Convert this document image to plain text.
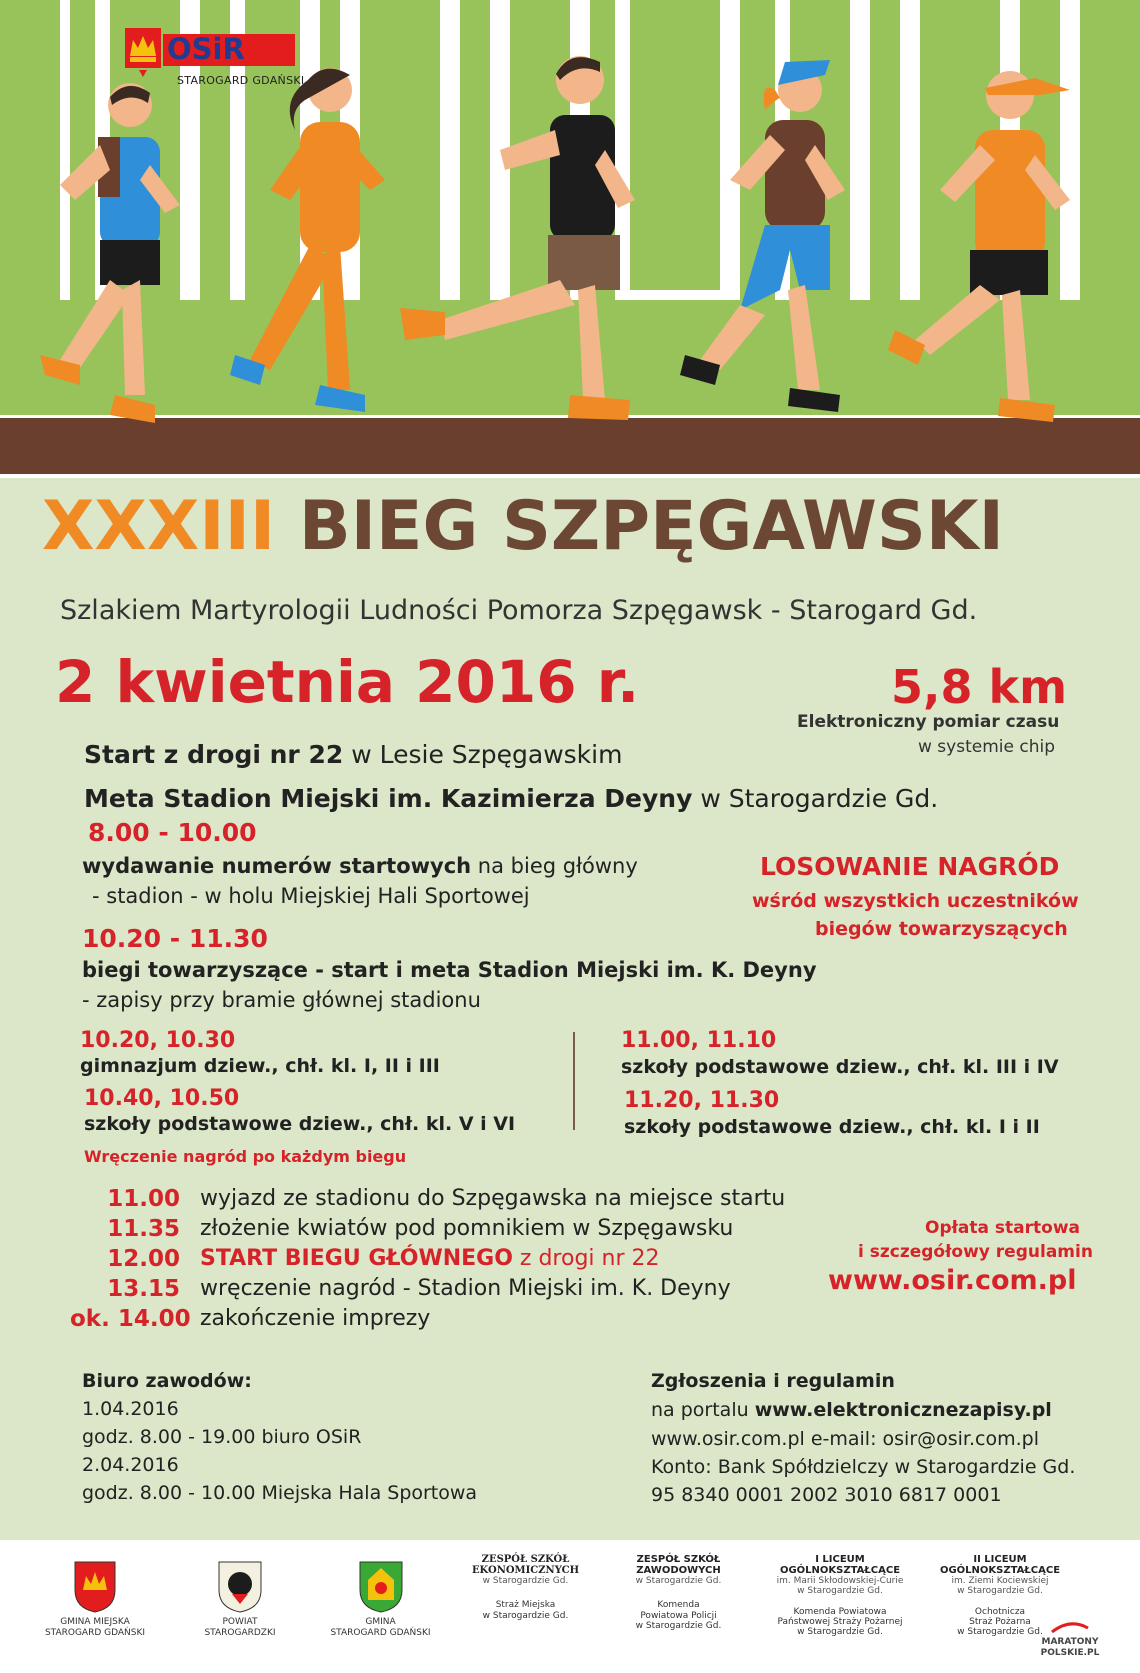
OSiR
STAROGARD GDAŃSKI
XXXIII BIEG SZPĘGAWSKI
Szlakiem Martyrologii Ludności Pomorza Szpęgawsk - Starogard Gd.
2 kwietnia 2016 r.	5,8 km
Elektroniczny pomiar czasu
w systemie chip
Start z drogi nr 22 w Lesie Szpęgawskim
Meta Stadion Miejski im. Kazimierza Deyny w Starogardzie Gd.
8.00 - 10.00
wydawanie numerów startowych na bieg główny
- stadion - w holu Miejskiej Hali Sportowej
LOSOWANIE NAGRÓD
wśród wszystkich uczestników
biegów towarzyszących
10.20 - 11.30
biegi towarzyszące - start i meta Stadion Miejski im. K. Deyny
- zapisy przy bramie głównej stadionu
10.20, 10.30
gimnazjum dziew., chł. kl. I, II i III
10.40, 10.50
szkoły podstawowe dziew., chł. kl. V i VI
11.00, 11.10
szkoły podstawowe dziew., chł. kl. III i IV
11.20, 11.30
szkoły podstawowe dziew., chł. kl. I i II
Wręczenie nagród po każdym biegu
11.00 wyjazd ze stadionu do Szpęgawska na miejsce startu
11.35 złożenie kwiatów pod pomnikiem w Szpęgawsku
12.00 START BIEGU GŁÓWNEGO z drogi nr 22
13.15 wręczenie nagród - Stadion Miejski im. K. Deyny
ok. 14.00 zakończenie imprezy
Opłata startowa
i szczegółowy regulamin
www.osir.com.pl
Biuro zawodów:
1.04.2016
godz. 8.00 - 19.00 biuro OSiR
2.04.2016
godz. 8.00 - 10.00 Miejska Hala Sportowa
Zgłoszenia i regulamin
na portalu www.elektronicznezapisy.pl
www.osir.com.pl e-mail: osir@osir.com.pl
Konto: Bank Spółdzielczy w Starogardzie Gd.
95 8340 0001 2002 3010 6817 0001
GMINA MIEJSKA
STAROGARD GDAŃSKI
POWIAT
STAROGARDZKI
GMINA
STAROGARD GDAŃSKI
ZESPÓŁ SZKÓŁ
EKONOMICZNYCH
w Starogardzie Gd.
Straż Miejska
w Starogardzie Gd.
ZESPÓŁ SZKÓŁ
ZAWODOWYCH
w Starogardzie Gd.
Komenda
Powiatowa Policji
w Starogardzie Gd.
I LICEUM
OGÓLNOKSZTAŁCĄCE
im. Marii Skłodowskiej-Curie
w Starogardzie Gd.
Komenda Powiatowa
Państwowej Straży Pożarnej
w Starogardzie Gd.
II LICEUM
OGÓLNOKSZTAŁCĄCE
im. Ziemi Kociewskiej
w Starogardzie Gd.
Ochotnicza
Straż Pożarna
w Starogardzie Gd.
MARATONY
POLSKIE.PL
